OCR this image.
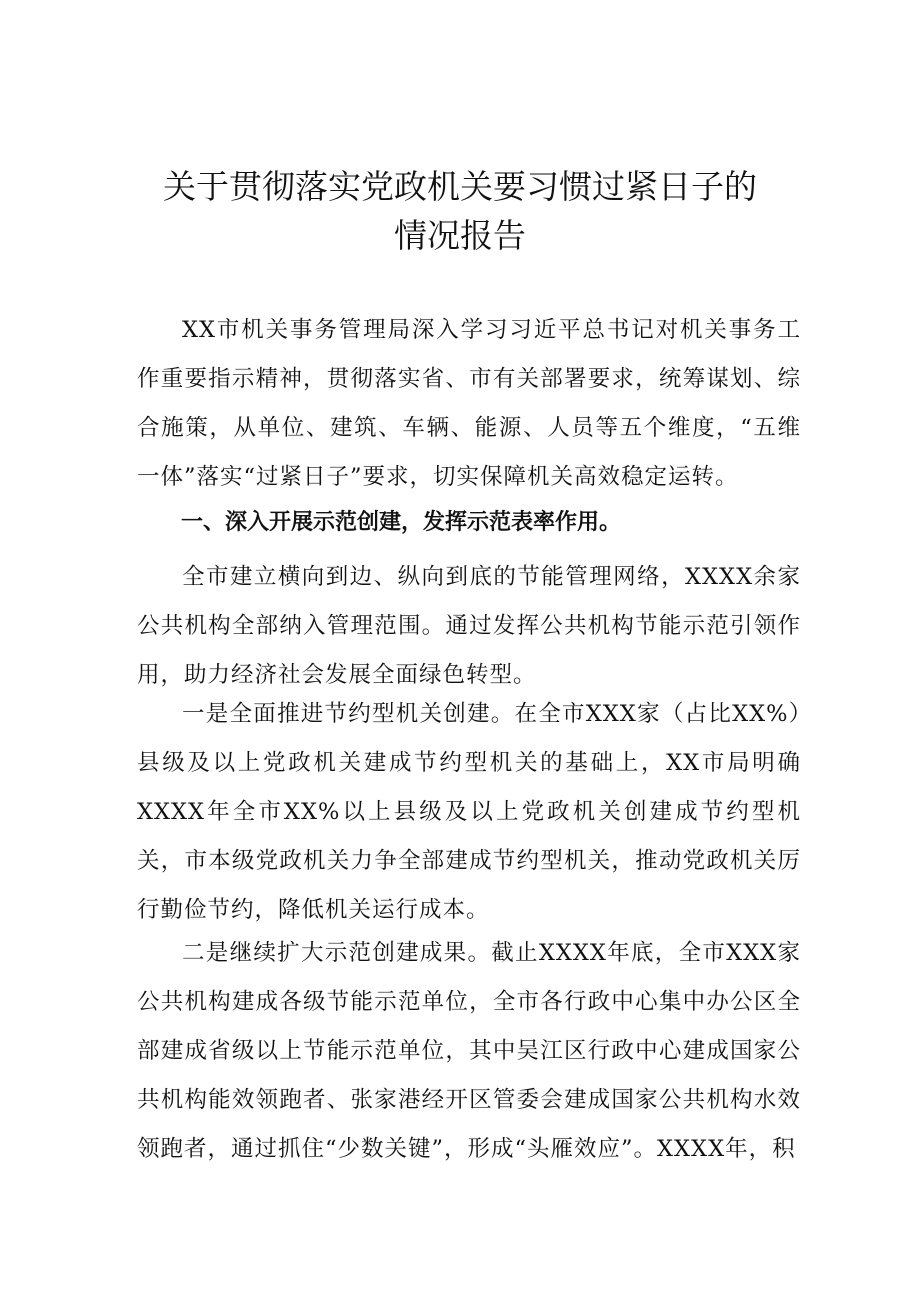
关于贯彻落实党政机关要习惯过紧日子的
情况报告

XX市机关事务管理局深入学习习近平总书记对机关事务工作重要指示精神，贯彻落实省、市有关部署要求，统筹谋划、综合施策，从单位、建筑、车辆、能源、人员等五个维度，“五维一体”落实“过紧日子”要求，切实保障机关高效稳定运转。

一、深入开展示范创建，发挥示范表率作用。

全市建立横向到边、纵向到底的节能管理网络，XXXX余家公共机构全部纳入管理范围。通过发挥公共机构节能示范引领作用，助力经济社会发展全面绿色转型。

一是全面推进节约型机关创建。在全市XXX家（占比XX%）县级及以上党政机关建成节约型机关的基础上，XX市局明确XXXX年全市XX%以上县级及以上党政机关创建成节约型机关，市本级党政机关力争全部建成节约型机关，推动党政机关厉行勤俭节约，降低机关运行成本。

二是继续扩大示范创建成果。截止XXXX年底，全市XXX家公共机构建成各级节能示范单位，全市各行政中心集中办公区全部建成省级以上节能示范单位，其中吴江区行政中心建成国家公共机构能效领跑者、张家港经开区管委会建成国家公共机构水效领跑者，通过抓住“少数关键”，形成“头雁效应”。XXXX年，积
